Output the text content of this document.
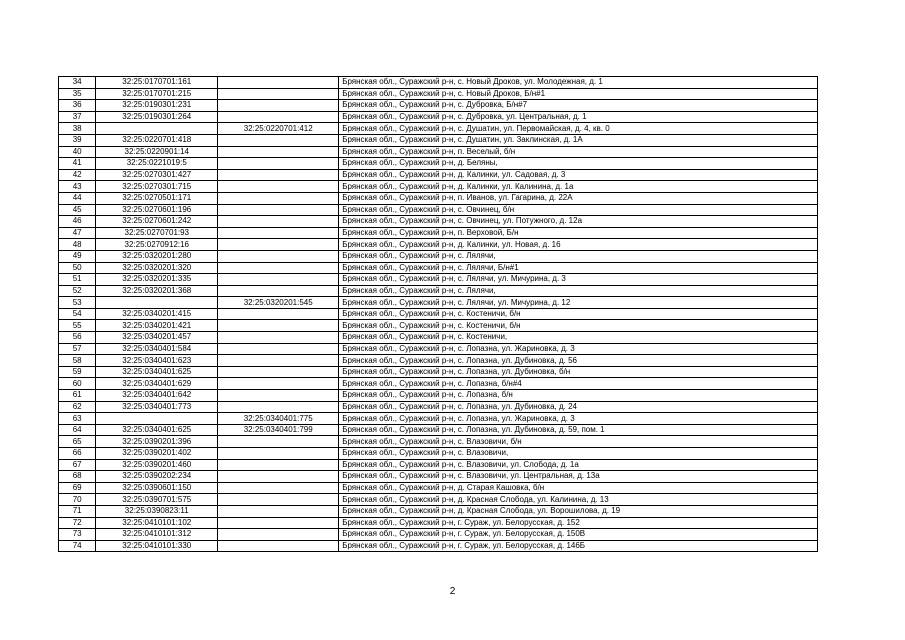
34	32:25:0170701:161		Брянская обл., Суражский р-н, с. Новый Дроков, ул. Молодежная, д. 1
35	32:25:0170701:215		Брянская обл., Суражский р-н, с. Новый Дроков, Б/н#1
36	32:25:0190301:231		Брянская обл., Суражский р-н, с. Дубровка, Б/н#7
37	32:25:0190301:264		Брянская обл., Суражский р-н, с. Дубровка, ул. Центральная, д. 1
38		32:25:0220701:412	Брянская обл., Суражский р-н, с. Душатин, ул. Первомайская, д. 4, кв. 0
39	32:25:0220701:418		Брянская обл., Суражский р-н, с. Душатин, ул. Заклинская, д. 1А
40	32:25:0220901:14		Брянская обл., Суражский р-н, п. Веселый, б/н
41	32:25:0221019:5		Брянская обл., Суражский р-н, д. Беляны,
42	32:25:0270301:427		Брянская обл., Суражский р-н, д. Калинки, ул. Садовая, д. 3
43	32:25:0270301:715		Брянская обл., Суражский р-н, д. Калинки, ул. Калинина, д. 1а
44	32:25:0270501:171		Брянская обл., Суражский р-н, п. Иванов, ул. Гагарина, д. 22А
45	32:25:0270601:196		Брянская обл., Суражский р-н, с. Овчинец, б/н
46	32:25:0270601:242		Брянская обл., Суражский р-н, с. Овчинец, ул. Потужного, д. 12а
47	32:25:0270701:93		Брянская обл., Суражский р-н, п. Верховой, Б/н
48	32:25:0270912:16		Брянская обл., Суражский р-н, д. Калинки, ул. Новая, д. 16
49	32:25:0320201:280		Брянская обл., Суражский р-н, с. Лялячи,
50	32:25:0320201:320		Брянская обл., Суражский р-н, с. Лялячи, Б/н#1
51	32:25:0320201:335		Брянская обл., Суражский р-н, с. Лялячи, ул. Мичурина, д. 3
52	32:25:0320201:368		Брянская обл., Суражский р-н, с. Лялячи,
53		32:25:0320201:545	Брянская обл., Суражский р-н, с. Лялячи, ул. Мичурина, д. 12
54	32:25:0340201:415		Брянская обл., Суражский р-н, с. Костеничи, б/н
55	32:25:0340201:421		Брянская обл., Суражский р-н, с. Костеничи, б/н
56	32:25:0340201:457		Брянская обл., Суражский р-н, с. Костеничи,
57	32:25:0340401:584		Брянская обл., Суражский р-н, с. Лопазна, ул. Жариновка, д. 3
58	32:25:0340401:623		Брянская обл., Суражский р-н, с. Лопазна, ул. Дубиновка, д. 56
59	32:25:0340401:625		Брянская обл., Суражский р-н, с. Лопазна, ул. Дубиновка, б/н
60	32:25:0340401:629		Брянская обл., Суражский р-н, с. Лопазна, б/н#4
61	32:25:0340401:642		Брянская обл., Суражский р-н, с. Лопазна, б/н
62	32:25:0340401:773		Брянская обл., Суражский р-н, с. Лопазна, ул. Дубиновка, д. 24
63		32:25:0340401:775	Брянская обл., Суражский р-н, с. Лопазна, ул. Жариновка, д. 3
64	32:25:0340401:625	32:25:0340401:799	Брянская обл., Суражский р-н, с. Лопазна, ул. Дубиновка, д. 59, пом. 1
65	32:25:0390201:396		Брянская обл., Суражский р-н, с. Влазовичи, б/н
66	32:25:0390201:402		Брянская обл., Суражский р-н, с. Влазовичи,
67	32:25:0390201:460		Брянская обл., Суражский р-н, с. Влазовичи, ул. Слобода, д. 1а
68	32:25:0390202:234		Брянская обл., Суражский р-н, с. Влазовичи, ул. Центральная, д. 13а
69	32:25:0390601:150		Брянская обл., Суражский р-н, д. Старая Кашовка, б/н
70	32:25:0390701:575		Брянская обл., Суражский р-н, д. Красная Слобода, ул. Калинина, д. 13
71	32:25:0390823:11		Брянская обл., Суражский р-н, д. Красная Слобода, ул. Ворошилова, д. 19
72	32:25:0410101:102		Брянская обл., Суражский р-н, г. Сураж, ул. Белорусская, д. 152
73	32:25:0410101:312		Брянская обл., Суражский р-н, г. Сураж, ул. Белорусская, д. 150В
74	32:25:0410101:330		Брянская обл., Суражский р-н, г. Сураж, ул. Белорусская, д. 146Б
2
